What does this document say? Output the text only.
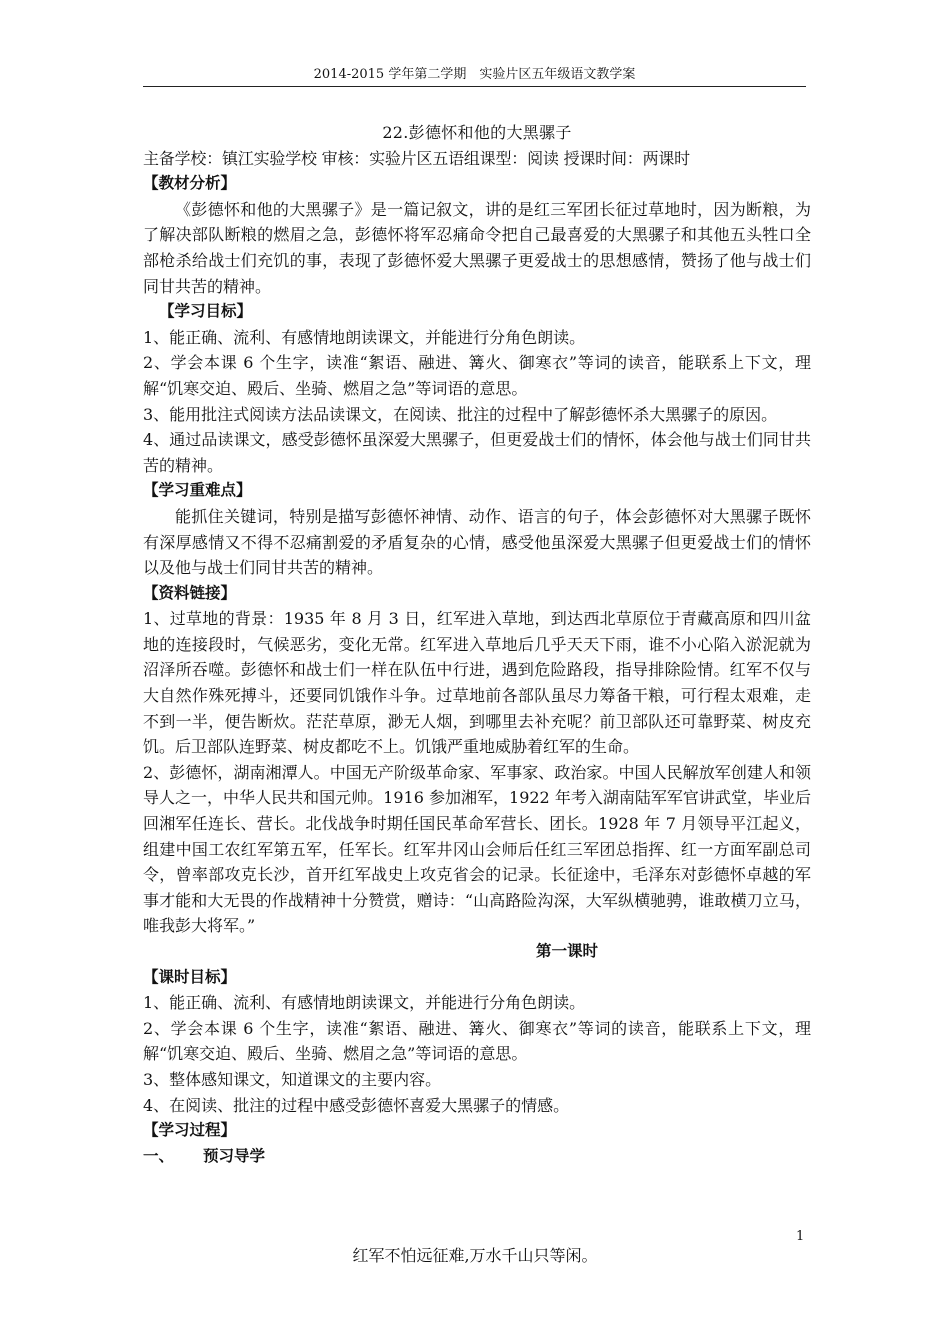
2014-2015 学年第二学期　实验片区五年级语文教学案

22.彭德怀和他的大黑骡子

主备学校：镇江实验学校 审核：实验片区五语组课型：阅读 授课时间：两课时

【教材分析】

《彭德怀和他的大黑骡子》是一篇记叙文，讲的是红三军团长征过草地时，因为断粮，为了解决部队断粮的燃眉之急，彭德怀将军忍痛命令把自己最喜爱的大黑骡子和其他五头牲口全部枪杀给战士们充饥的事，表现了彭德怀爱大黑骡子更爱战士的思想感情，赞扬了他与战士们同甘共苦的精神。

【学习目标】

1、能正确、流利、有感情地朗读课文，并能进行分角色朗读。

2、学会本课 6 个生字，读准“絮语、融进、篝火、御寒衣”等词的读音，能联系上下文，理解“饥寒交迫、殿后、坐骑、燃眉之急”等词语的意思。

3、能用批注式阅读方法品读课文，在阅读、批注的过程中了解彭德怀杀大黑骡子的原因。

4、通过品读课文，感受彭德怀虽深爱大黑骡子，但更爱战士们的情怀，体会他与战士们同甘共苦的精神。

【学习重难点】

能抓住关键词，特别是描写彭德怀神情、动作、语言的句子，体会彭德怀对大黑骡子既怀有深厚感情又不得不忍痛割爱的矛盾复杂的心情，感受他虽深爱大黑骡子但更爱战士们的情怀以及他与战士们同甘共苦的精神。

【资料链接】

1、过草地的背景：1935 年 8 月 3 日，红军进入草地，到达西北草原位于青藏高原和四川盆地的连接段时，气候恶劣，变化无常。红军进入草地后几乎天天下雨，谁不小心陷入淤泥就为沼泽所吞噬。彭德怀和战士们一样在队伍中行进，遇到危险路段，指导排除险情。红军不仅与大自然作殊死搏斗，还要同饥饿作斗争。过草地前各部队虽尽力筹备干粮，可行程太艰难，走不到一半，便告断炊。茫茫草原，渺无人烟，到哪里去补充呢？前卫部队还可靠野菜、树皮充饥。后卫部队连野菜、树皮都吃不上。饥饿严重地威胁着红军的生命。

2、彭德怀，湖南湘潭人。中国无产阶级革命家、军事家、政治家。中国人民解放军创建人和领导人之一，中华人民共和国元帅。1916 参加湘军，1922 年考入湖南陆军军官讲武堂，毕业后回湘军任连长、营长。北伐战争时期任国民革命军营长、团长。1928 年 7 月领导平江起义，组建中国工农红军第五军，任军长。红军井冈山会师后任红三军团总指挥、红一方面军副总司令，曾率部攻克长沙，首开红军战史上攻克省会的记录。长征途中，毛泽东对彭德怀卓越的军事才能和大无畏的作战精神十分赞赏，赠诗：“山高路险沟深，大军纵横驰骋，谁敢横刀立马，唯我彭大将军。”

第一课时

【课时目标】

1、能正确、流利、有感情地朗读课文，并能进行分角色朗读。

2、学会本课 6 个生字，读准“絮语、融进、篝火、御寒衣”等词的读音，能联系上下文，理解“饥寒交迫、殿后、坐骑、燃眉之急”等词语的意思。

3、整体感知课文，知道课文的主要内容。

4、在阅读、批注的过程中感受彭德怀喜爱大黑骡子的情感。

【学习过程】

一、 预习导学

1
红军不怕远征难,万水千山只等闲。
